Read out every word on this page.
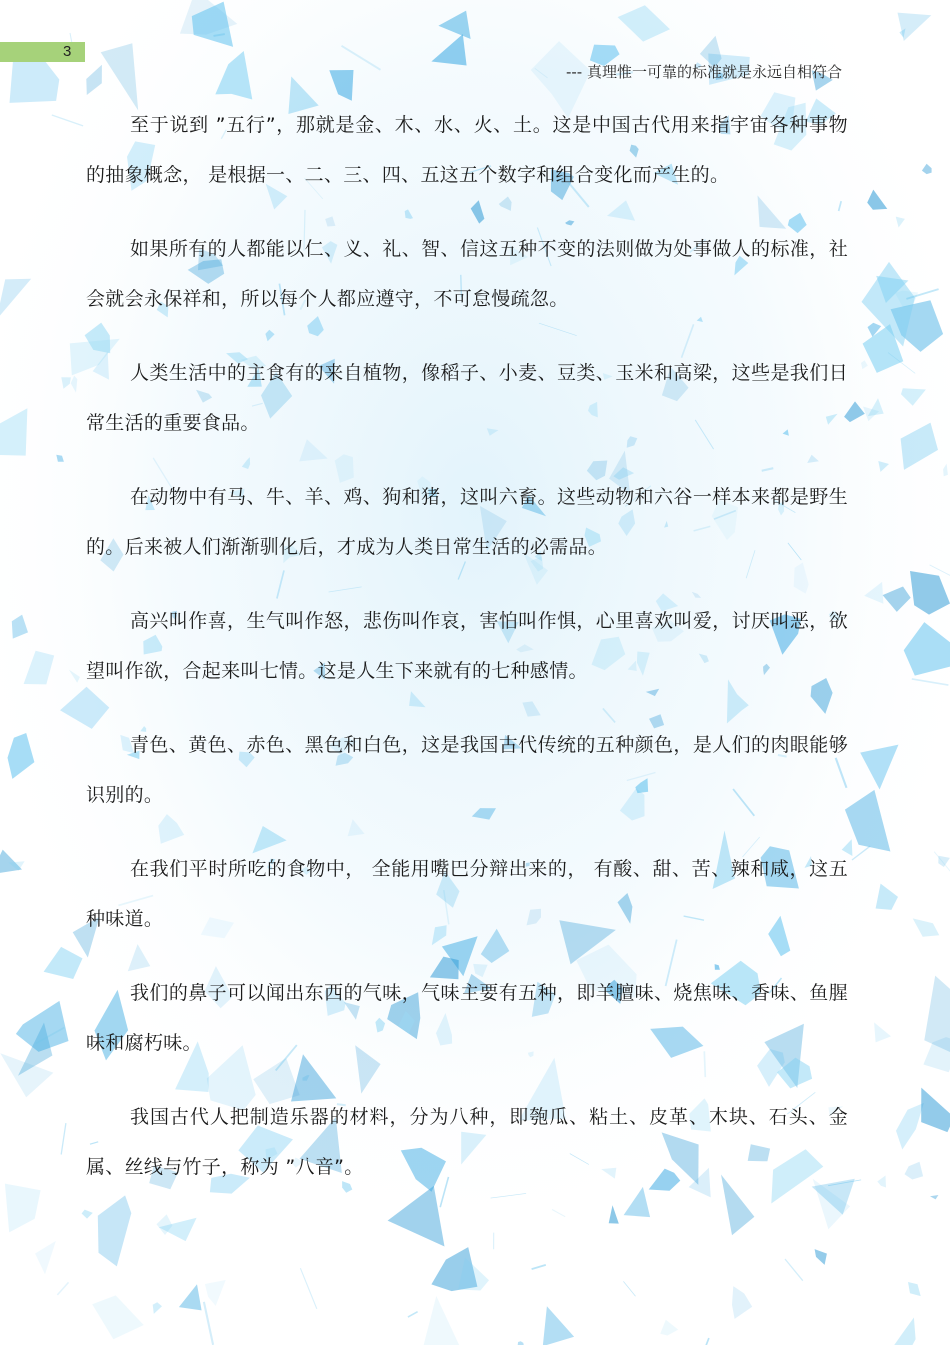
3
--- 真理惟一可靠的标准就是永远自相符合

至于说到 ”五行”，那就是金、木、水、火、土。这是中国古代用来指宇宙各种事物的抽象概念， 是根据一、二、三、四、五这五个数字和组合变化而产生的。

如果所有的人都能以仁、义、礼、智、信这五种不变的法则做为处事做人的标准，社会就会永保祥和，所以每个人都应遵守，不可怠慢疏忽。

人类生活中的主食有的来自植物，像稻子、小麦、豆类、玉米和高梁，这些是我们日常生活的重要食品。

在动物中有马、牛、羊、鸡、狗和猪，这叫六畜。这些动物和六谷一样本来都是野生的。后来被人们渐渐驯化后，才成为人类日常生活的必需品。

高兴叫作喜，生气叫作怒，悲伤叫作哀，害怕叫作惧，心里喜欢叫爱，讨厌叫恶，欲望叫作欲，合起来叫七情。这是人生下来就有的七种感情。

青色、黄色、赤色、黑色和白色，这是我国古代传统的五种颜色，是人们的肉眼能够识别的。

在我们平时所吃的食物中， 全能用嘴巴分辩出来的， 有酸、甜、苦、辣和咸，这五种味道。

我们的鼻子可以闻出东西的气味，气味主要有五种，即羊膻味、烧焦味、香味、鱼腥味和腐朽味。

我国古代人把制造乐器的材料，分为八种，即匏瓜、粘土、皮革、木块、石头、金属、丝线与竹子，称为 ”八音”。
